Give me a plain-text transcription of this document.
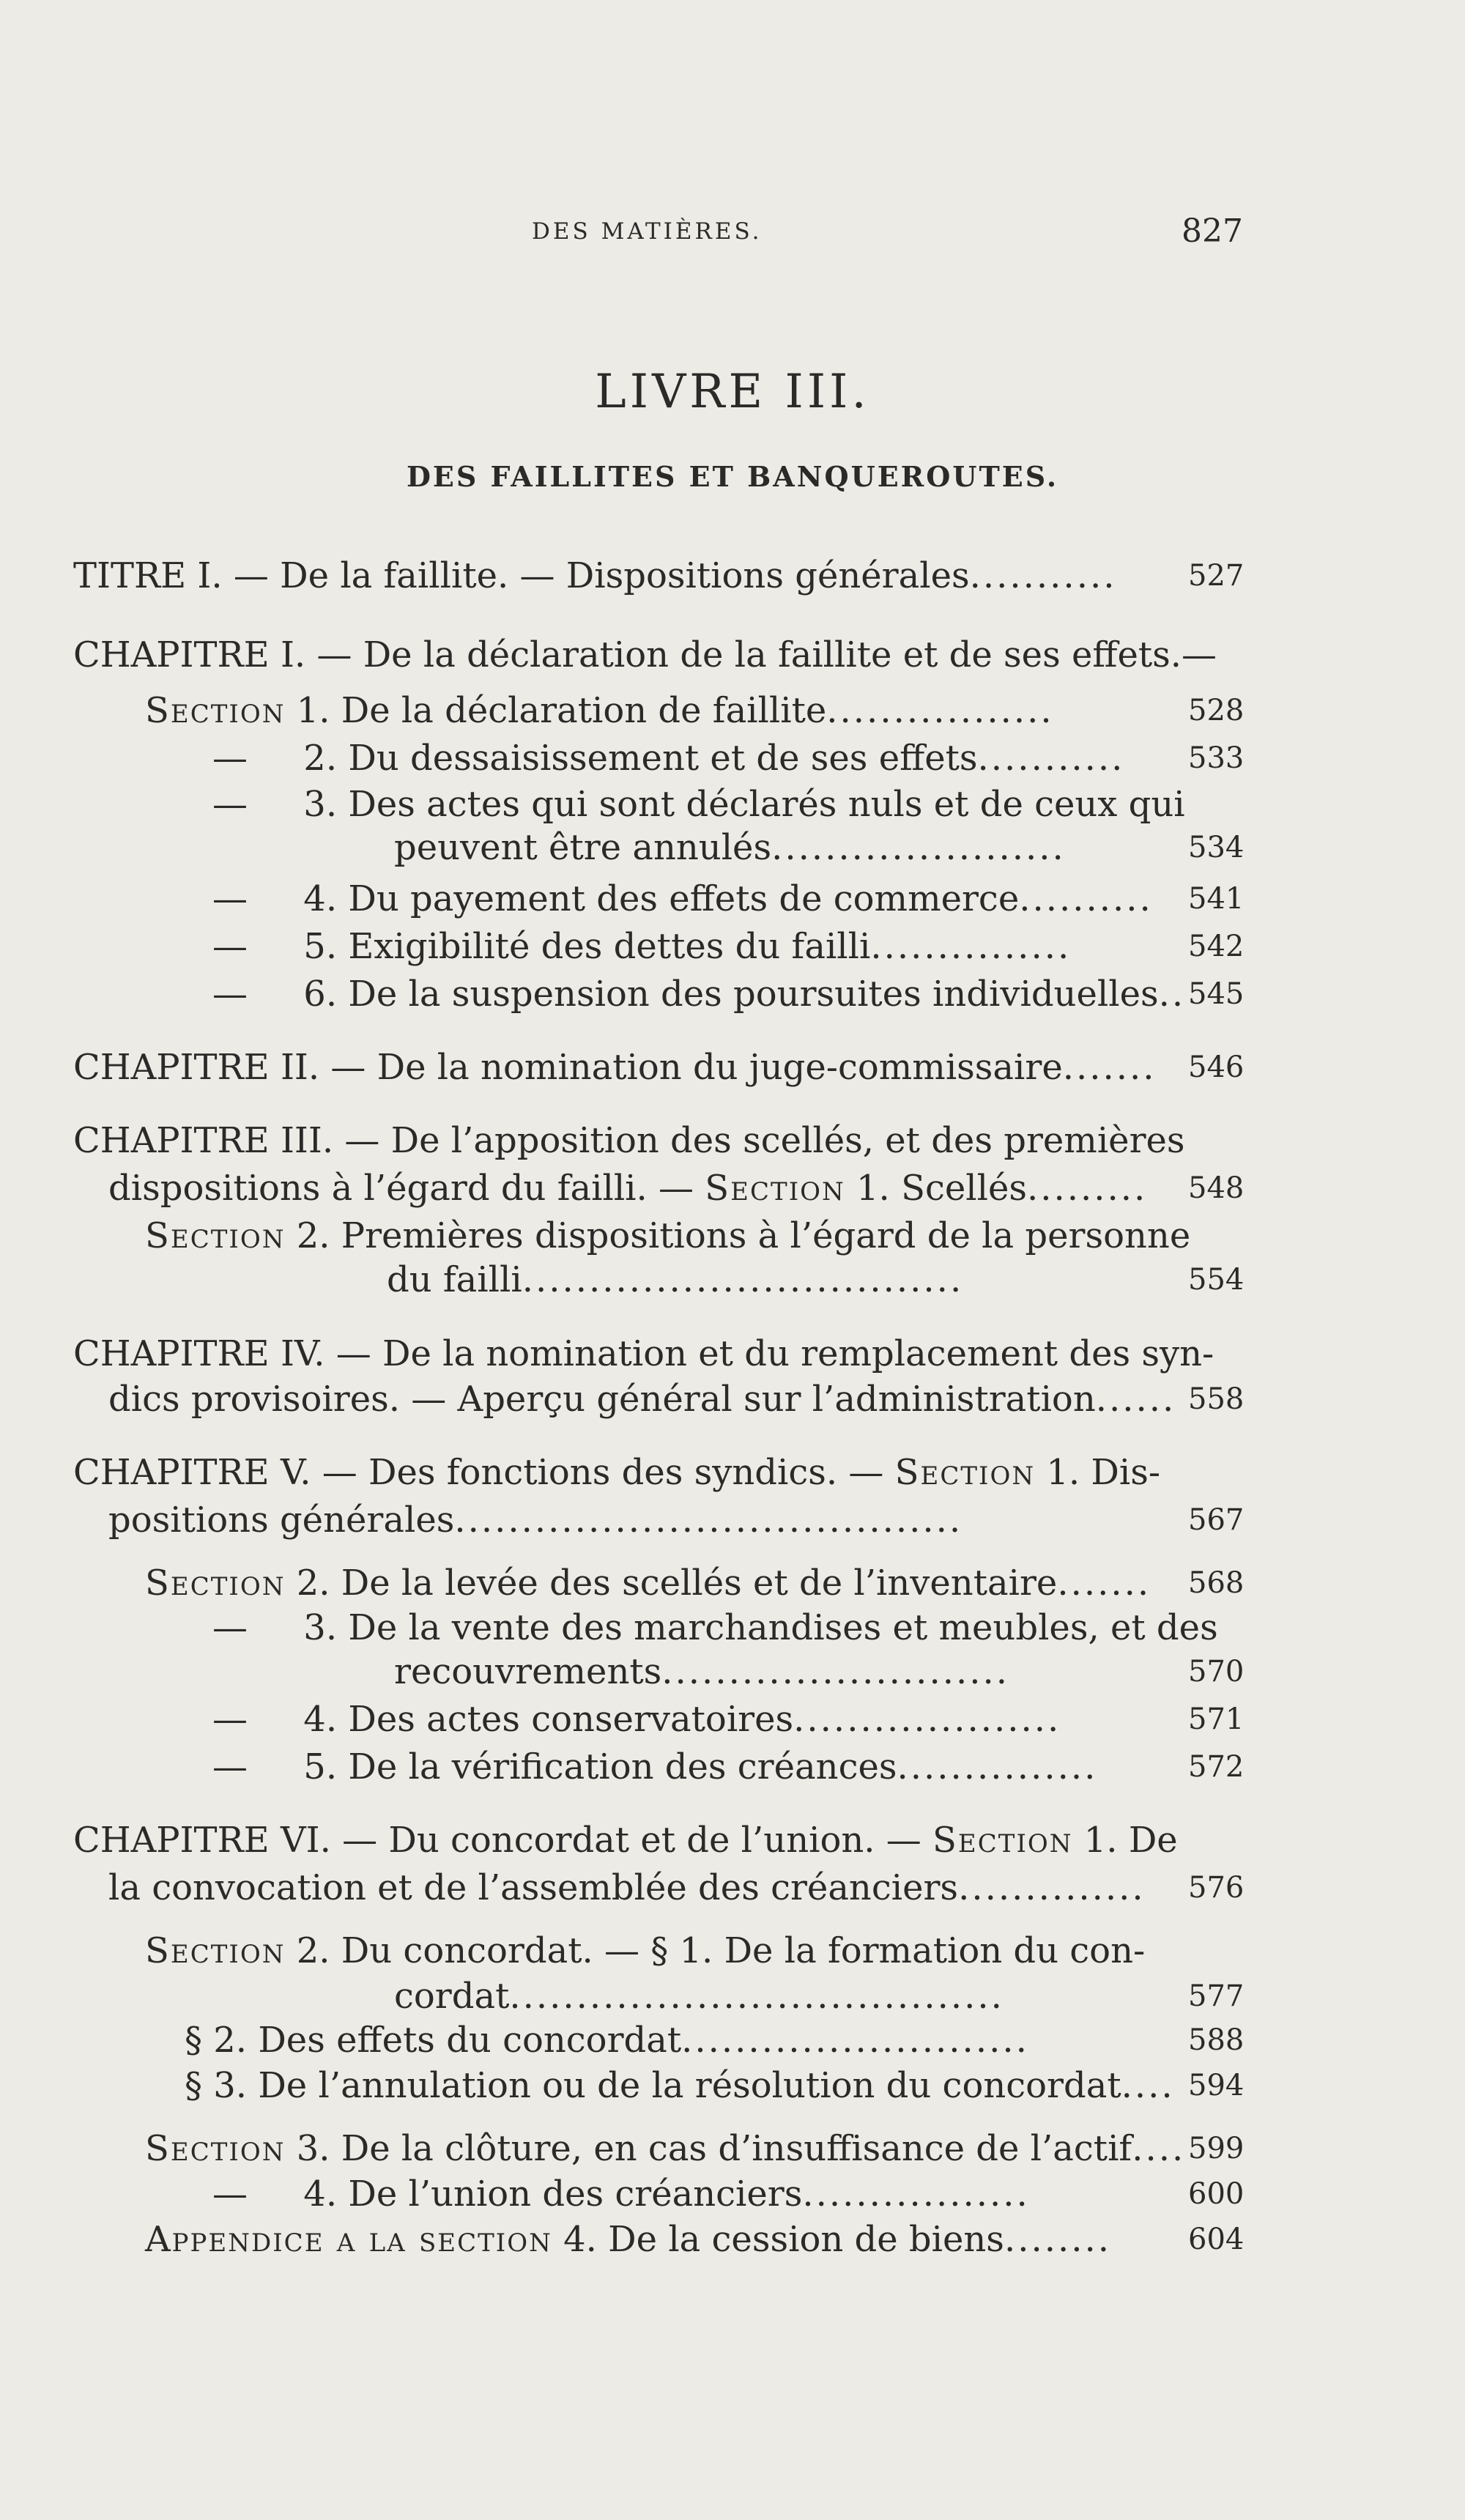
DES MATIÈRES.	827
LIVRE III.
DES FAILLITES ET BANQUEROUTES.
TITRE I. — De la faillite. — Dispositions générales........... 527
CHAPITRE I. — De la déclaration de la faillite et de ses effets.—
Section 1. De la déclaration de faillite.................	528
— 2. Du dessaisissement et de ses effets........... 533
— 3. Des actes qui sont déclarés nuls et de ceux qui
peuvent être annulés......................	534
— 4. Du payement des effets de commerce.......... 541
— 5. Exigibilité des dettes du failli...............	542
— 6. De la suspension des poursuites individuelles.. 545
CHAPITRE II. — De la nomination du juge-commissaire....... 546
CHAPITRE III. — De l’apposition des scellés, et des premières
dispositions à l’égard du failli. — Section 1. Scellés......... 548
Section 2. Premières dispositions à l’égard de la personne
du failli.................................	554
CHAPITRE IV. — De la nomination et du remplacement des syn-
dics provisoires. — Aperçu général sur l’administration...... 558
CHAPITRE V. — Des fonctions des syndics. — Section 1. Dis-
positions générales......................................	567
Section 2. De la levée des scellés et de l’inventaire....... 568
— 3. De la vente des marchandises et meubles, et des
recouvrements..........................	570
— 4. Des actes conservatoires....................	571
— 5. De la vérification des créances...............	572
CHAPITRE VI. — Du concordat et de l’union. — Section 1. De
la convocation et de l’assemblée des créanciers.............. 576
Section 2. Du concordat. — § 1. De la formation du con-
cordat.....................................	577
§ 2. Des effets du concordat..........................	588
§ 3. De l’annulation ou de la résolution du concordat.... 594
Section 3. De la clôture, en cas d’insuffisance de l’actif.... 599
— 4. De l’union des créanciers.................	600
Appendice a la section 4. De la cession de biens........	604
